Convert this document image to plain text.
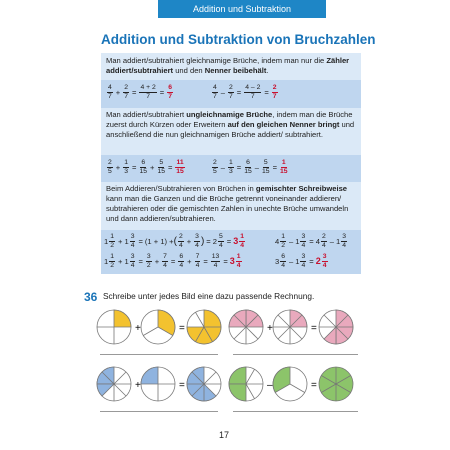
Addition und Subtraktion
Addition und Subtraktion von Bruchzahlen
Man addiert/subtrahiert gleichnamige Brüche, indem man nur die Zähler addiert/subtrahiert und den Nenner beibehält.
$\frac{4}{7} + \frac{2}{7} = \frac{4 + 2}{7} = \frac{6}{7}$	$\frac{4}{7} - \frac{2}{7} = \frac{4 - 2}{7} = \frac{2}{7}$
Man addiert/subtrahiert ungleichnamige Brüche, indem man die Brüche zuerst durch Kürzen oder Erweitern auf den gleichen Nenner bringt und anschließend die nun gleichnamigen Brüche addiert/ subtrahiert.
$\frac{2}{5} + \frac{1}{3} = \frac{6}{15} + \frac{5}{15} = \frac{11}{15}$	$\frac{2}{5} - \frac{1}{3} = \frac{6}{15} - \frac{5}{15} = \frac{1}{15}$
Beim Addieren/Subtrahieren von Brüchen in gemischter Schreibweise kann man die Ganzen und die Brüche getrennt voneinander addieren/ subtrahieren oder die gemischten Zahlen in unechte Brüche umwandeln und dann addieren/subtrahieren.
$1 \frac{1}{2} + 1 \frac{3}{4} = (1 + 1)$ + ( $\frac{2}{4} + \frac{3}{4}$ ) = $2 \frac{5}{4} = 3 \frac{1}{4}$	$4 \frac{1}{2} - 1 \frac{3}{4} = 4 \frac{2}{4} - 1 \frac{3}{4}$
$1 \frac{1}{2} + 1 \frac{3}{4} = \frac{3}{2} + \frac{7}{4} = \frac{6}{4} + \frac{7}{4} = \frac{13}{4} = 3 \frac{1}{4}$	$3 \frac{6}{4} - 1 \frac{3}{4} = 2 \frac{3}{4}$
36 Schreibe unter jedes Bild eine dazu passende Rechnung.
+	=	+	=
+	=	–	=
17
